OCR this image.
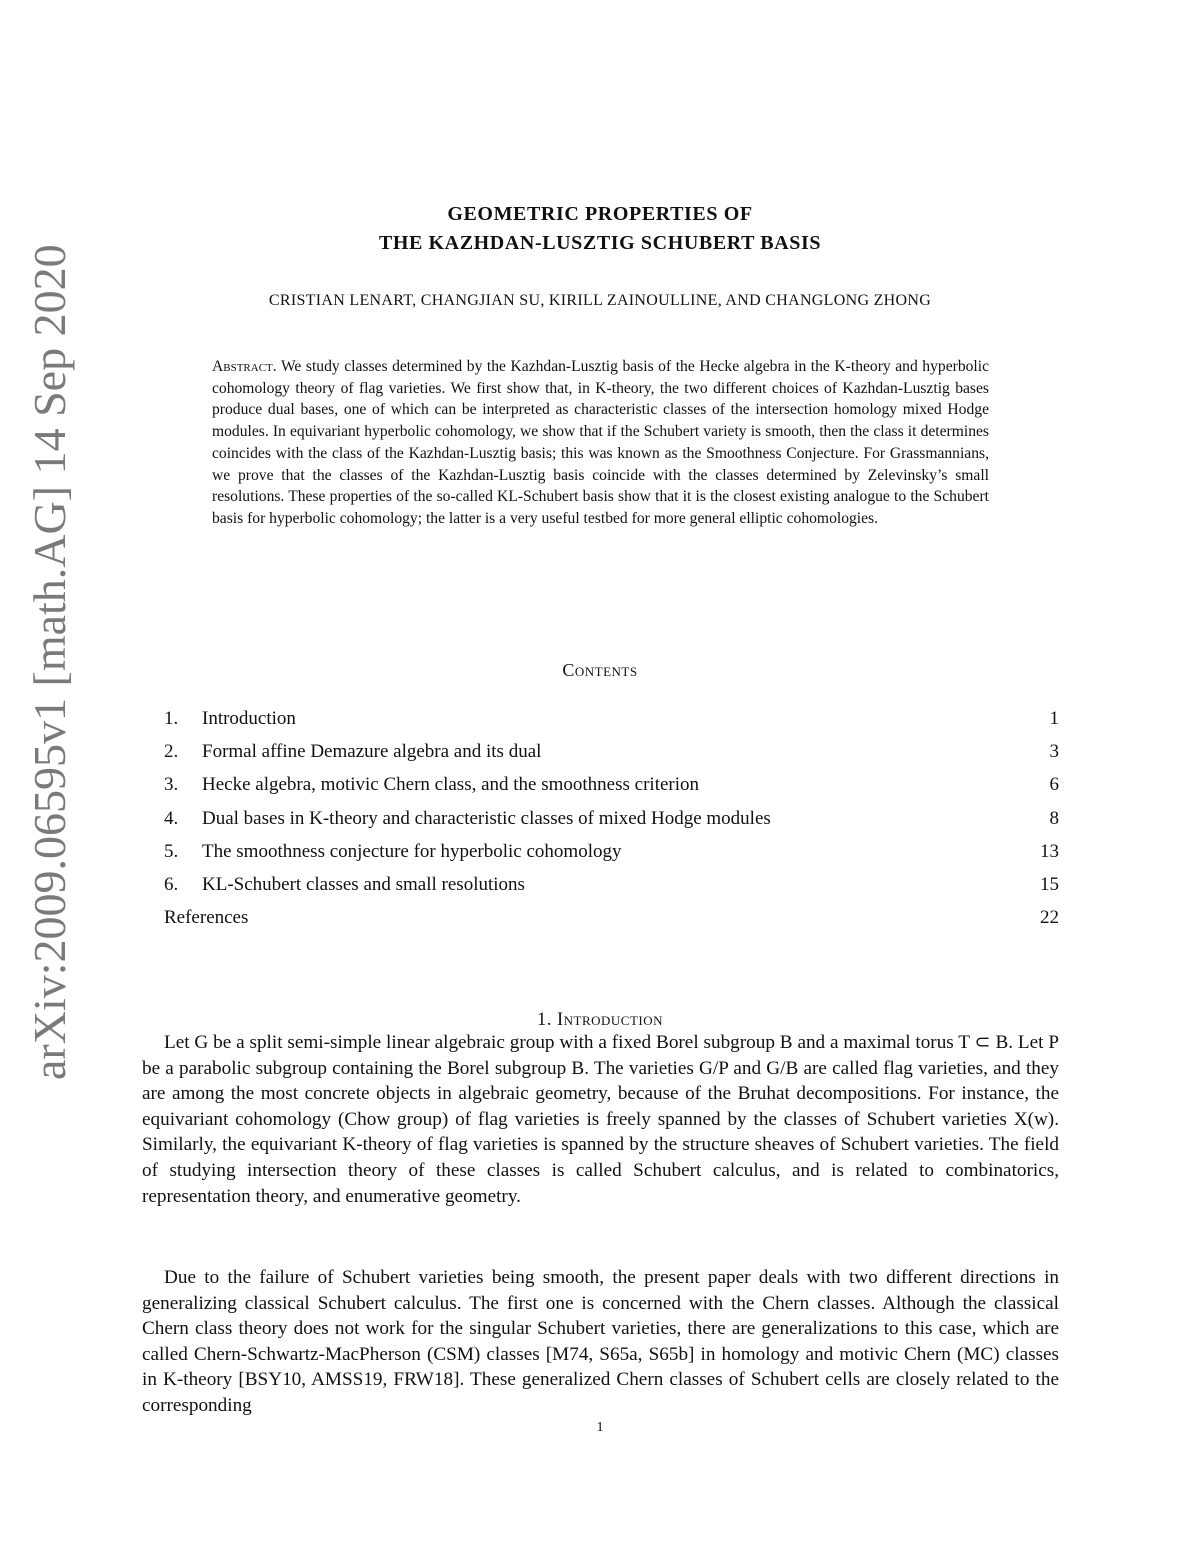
arXiv:2009.06595v1 [math.AG] 14 Sep 2020
GEOMETRIC PROPERTIES OF
THE KAZHDAN-LUSZTIG SCHUBERT BASIS
CRISTIAN LENART, CHANGJIAN SU, KIRILL ZAINOULLINE, AND CHANGLONG ZHONG
Abstract. We study classes determined by the Kazhdan-Lusztig basis of the Hecke algebra in the K-theory and hyperbolic cohomology theory of flag varieties. We first show that, in K-theory, the two different choices of Kazhdan-Lusztig bases produce dual bases, one of which can be interpreted as characteristic classes of the intersection homology mixed Hodge modules. In equivariant hyperbolic cohomology, we show that if the Schubert variety is smooth, then the class it determines coincides with the class of the Kazhdan-Lusztig basis; this was known as the Smoothness Conjecture. For Grassmannians, we prove that the classes of the Kazhdan-Lusztig basis coincide with the classes determined by Zelevinsky’s small resolutions. These properties of the so-called KL-Schubert basis show that it is the closest existing analogue to the Schubert basis for hyperbolic cohomology; the latter is a very useful testbed for more general elliptic cohomologies.
Contents
1. Introduction	1
2. Formal affine Demazure algebra and its dual	3
3. Hecke algebra, motivic Chern class, and the smoothness criterion	6
4. Dual bases in K-theory and characteristic classes of mixed Hodge modules	8
5. The smoothness conjecture for hyperbolic cohomology	13
6. KL-Schubert classes and small resolutions	15
References	22
1. Introduction
Let G be a split semi-simple linear algebraic group with a fixed Borel subgroup B and a maximal torus T ⊂ B. Let P be a parabolic subgroup containing the Borel subgroup B. The varieties G/P and G/B are called flag varieties, and they are among the most concrete objects in algebraic geometry, because of the Bruhat decompositions. For instance, the equivariant cohomology (Chow group) of flag varieties is freely spanned by the classes of Schubert varieties X(w). Similarly, the equivariant K-theory of flag varieties is spanned by the structure sheaves of Schubert varieties. The field of studying intersection theory of these classes is called Schubert calculus, and is related to combinatorics, representation theory, and enumerative geometry.
Due to the failure of Schubert varieties being smooth, the present paper deals with two different directions in generalizing classical Schubert calculus. The first one is concerned with the Chern classes. Although the classical Chern class theory does not work for the singular Schubert varieties, there are generalizations to this case, which are called Chern-Schwartz-MacPherson (CSM) classes [M74, S65a, S65b] in homology and motivic Chern (MC) classes in K-theory [BSY10, AMSS19, FRW18]. These generalized Chern classes of Schubert cells are closely related to the corresponding
1
